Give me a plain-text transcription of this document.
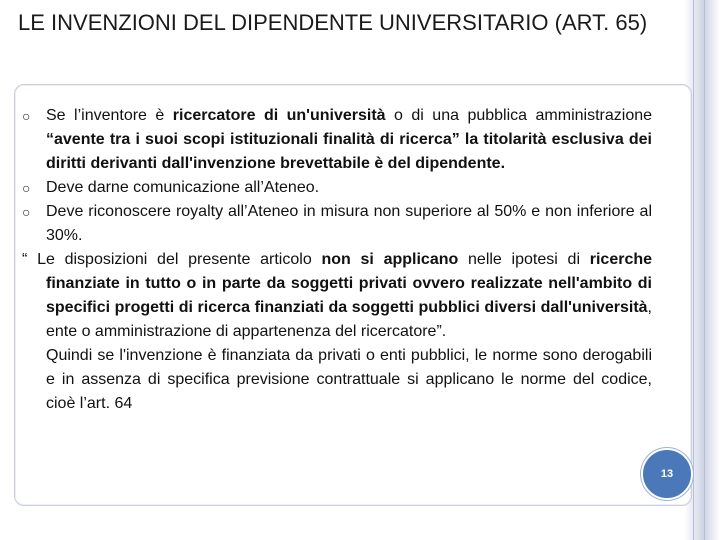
LE INVENZIONI DEL DIPENDENTE UNIVERSITARIO (ART. 65)
○ Se l’inventore è ricercatore di un'università o di una pubblica amministrazione “avente tra i suoi scopi istituzionali finalità di ricerca” la titolarità esclusiva dei diritti derivanti dall'invenzione brevettabile è del dipendente.
○ Deve darne comunicazione all’Ateneo.
○ Deve riconoscere royalty all’Ateneo in misura non superiore al 50% e non inferiore al 30%.
“ Le disposizioni del presente articolo non si applicano nelle ipotesi di ricerche finanziate in tutto o in parte da soggetti privati ovvero realizzate nell'ambito di specifici progetti di ricerca finanziati da soggetti pubblici diversi dall'università, ente o amministrazione di appartenenza del ricercatore”.
Quindi se l'invenzione è finanziata da privati o enti pubblici, le norme sono derogabili e in assenza di specifica previsione contrattuale si applicano le norme del codice, cioè l’art. 64
13
